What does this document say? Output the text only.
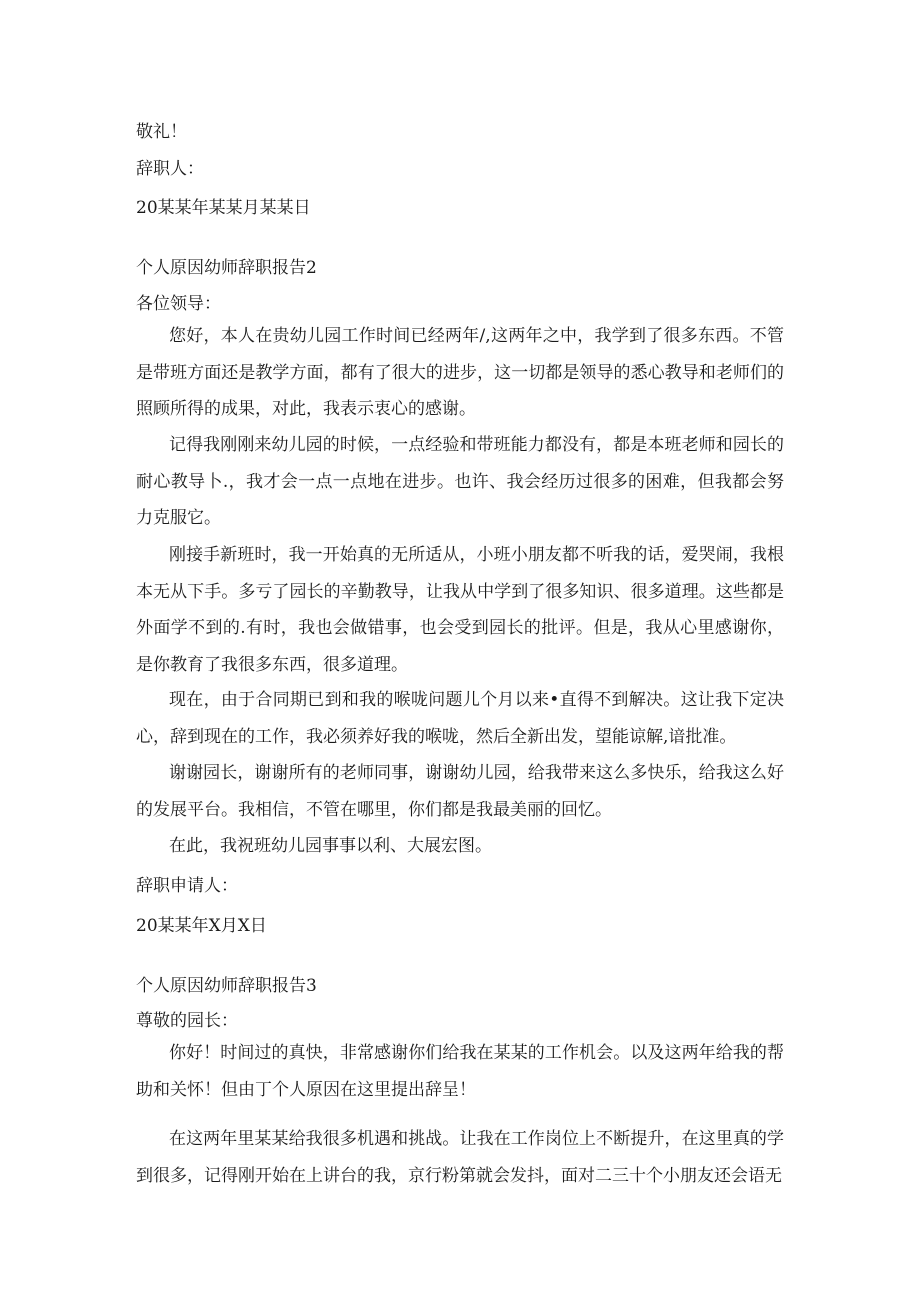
敬礼！
辞职人：
20某某年某某月某某日
个人原因幼师辞职报告2
各位领导：

您好，本人在贵幼儿园工作时间已经两年/,这两年之中，我学到了很多东西。不管是带班方面还是教学方面，都有了很大的进步，这一切都是领导的悉心教导和老师们的照顾所得的成果，对此，我表示衷心的感谢。

记得我刚刚来幼儿园的时候，一点经验和带班能力都没有，都是本班老师和园长的耐心教导卜.，我才会一点一点地在进步。也许、我会经历过很多的困难，但我都会努力克服它。

刚接手新班时，我一开始真的无所适从，小班小朋友都不听我的话，爱哭闹，我根本无从下手。多亏了园长的辛勤教导，让我从中学到了很多知识、很多道理。这些都是外面学不到的.有时，我也会做错事，也会受到园长的批评。但是，我从心里感谢你，是你教育了我很多东西，很多道理。

现在，由于合同期已到和我的喉咙问题儿个月以来•直得不到解决。这让我下定决心，辞到现在的工作，我必须养好我的喉咙，然后全新出发，望能谅解,谙批准。

谢谢园长，谢谢所有的老师同事，谢谢幼儿园，给我带来这么多快乐，给我这么好的发展平台。我相信，不管在哪里，你们都是我最美丽的回忆。

在此，我祝班幼儿园事事以利、大展宏图。

辞职申请人：
20某某年X月X日
个人原因幼师辞职报告3
尊敬的园长：

你好！时间过的真快，非常感谢你们给我在某某的工作机会。以及这两年给我的帮助和关怀！但由丁个人原因在这里提出辞呈！

在这两年里某某给我很多机遇和挑战。让我在工作岗位上不断提升，在这里真的学到很多，记得刚开始在上讲台的我，京行粉第就会发抖，面对二三十个小朋友还会语无
